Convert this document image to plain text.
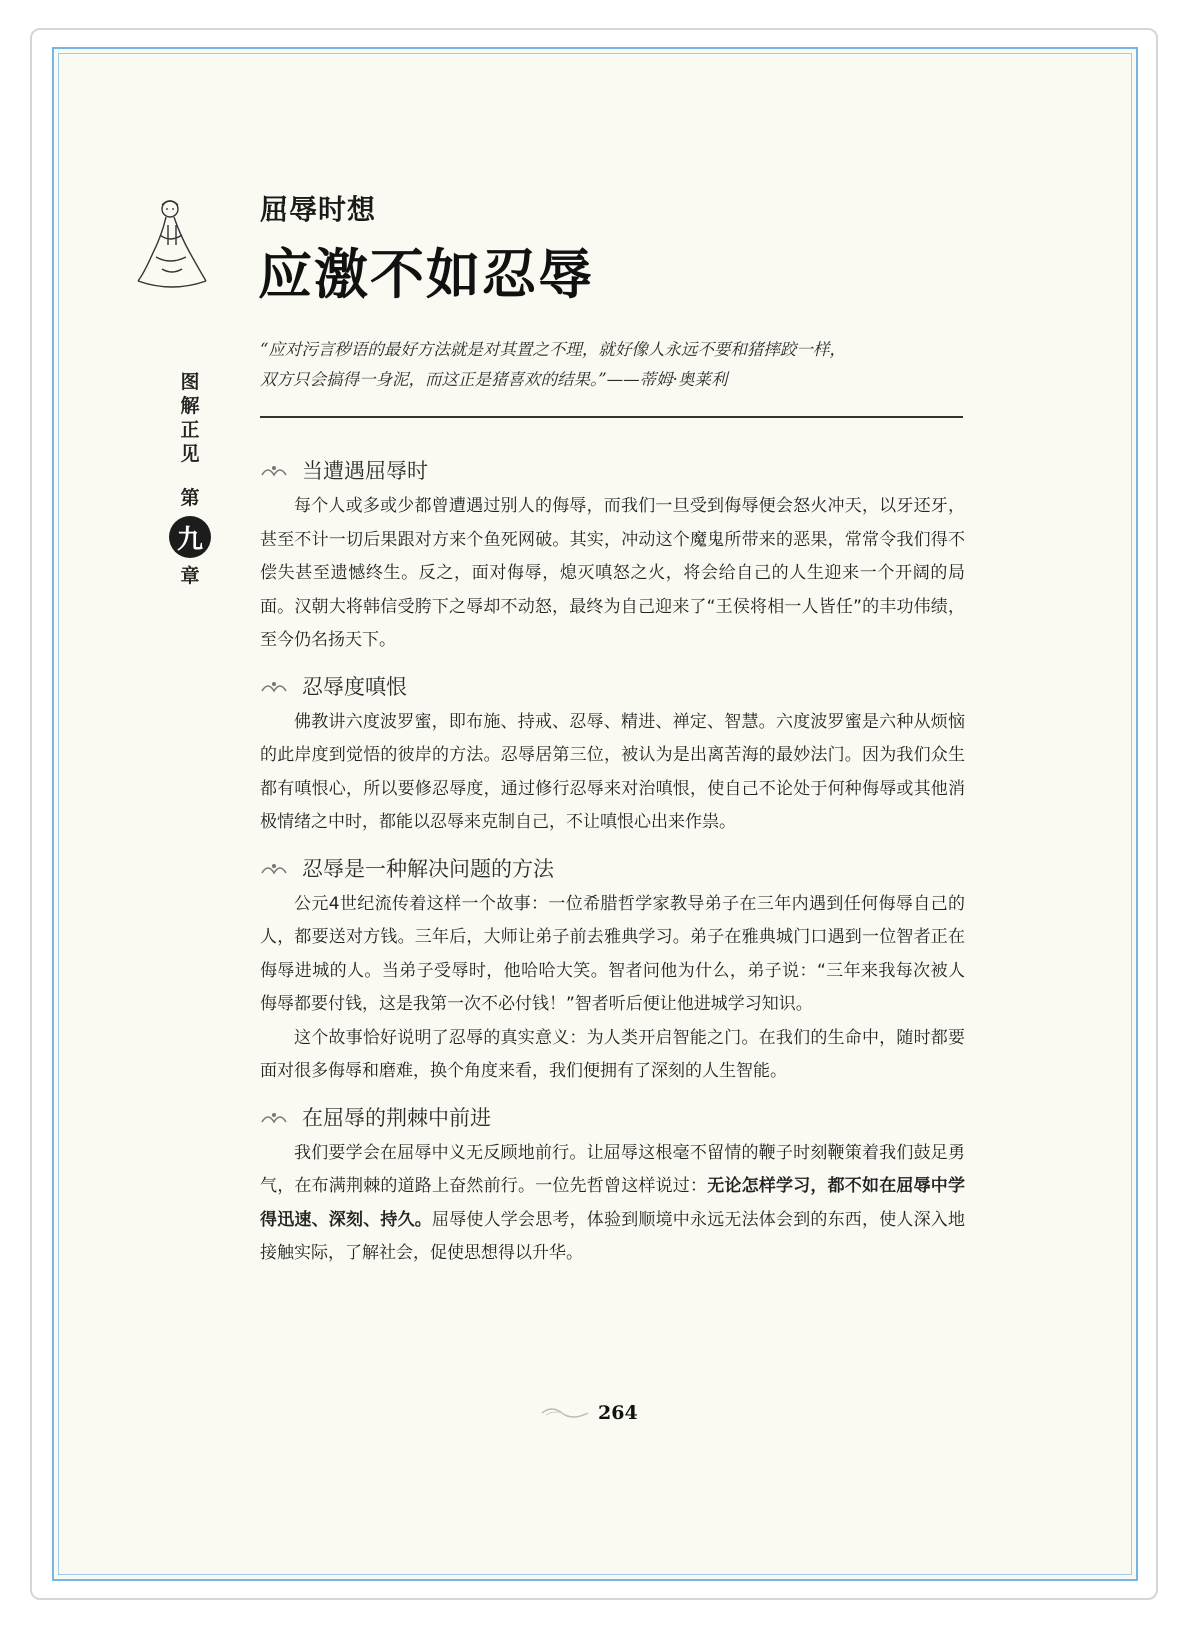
图
解
正
见
第
九
章
屈辱时想
应激不如忍辱
“应对污言秽语的最好方法就是对其置之不理，就好像人永远不要和猪摔跤一样，
双方只会搞得一身泥，而这正是猪喜欢的结果。”——蒂姆·奥莱利
当遭遇屈辱时

每个人或多或少都曾遭遇过别人的侮辱，而我们一旦受到侮辱便会怒火冲天，以牙还牙，甚至不计一切后果跟对方来个鱼死网破。其实，冲动这个魔鬼所带来的恶果，常常令我们得不偿失甚至遗憾终生。反之，面对侮辱，熄灭嗔怒之火，将会给自己的人生迎来一个开阔的局面。汉朝大将韩信受胯下之辱却不动怒，最终为自己迎来了“王侯将相一人皆任”的丰功伟绩，至今仍名扬天下。

忍辱度嗔恨

佛教讲六度波罗蜜，即布施、持戒、忍辱、精进、禅定、智慧。六度波罗蜜是六种从烦恼的此岸度到觉悟的彼岸的方法。忍辱居第三位，被认为是出离苦海的最妙法门。因为我们众生都有嗔恨心，所以要修忍辱度，通过修行忍辱来对治嗔恨，使自己不论处于何种侮辱或其他消极情绪之中时，都能以忍辱来克制自己，不让嗔恨心出来作祟。

忍辱是一种解决问题的方法

公元4世纪流传着这样一个故事：一位希腊哲学家教导弟子在三年内遇到任何侮辱自己的人，都要送对方钱。三年后，大师让弟子前去雅典学习。弟子在雅典城门口遇到一位智者正在侮辱进城的人。当弟子受辱时，他哈哈大笑。智者问他为什么，弟子说：“三年来我每次被人侮辱都要付钱，这是我第一次不必付钱！”智者听后便让他进城学习知识。

这个故事恰好说明了忍辱的真实意义：为人类开启智能之门。在我们的生命中，随时都要面对很多侮辱和磨难，换个角度来看，我们便拥有了深刻的人生智能。

在屈辱的荆棘中前进

我们要学会在屈辱中义无反顾地前行。让屈辱这根毫不留情的鞭子时刻鞭策着我们鼓足勇气，在布满荆棘的道路上奋然前行。一位先哲曾这样说过：无论怎样学习，都不如在屈辱中学得迅速、深刻、持久。屈辱使人学会思考，体验到顺境中永远无法体会到的东西，使人深入地接触实际，了解社会，促使思想得以升华。

264
